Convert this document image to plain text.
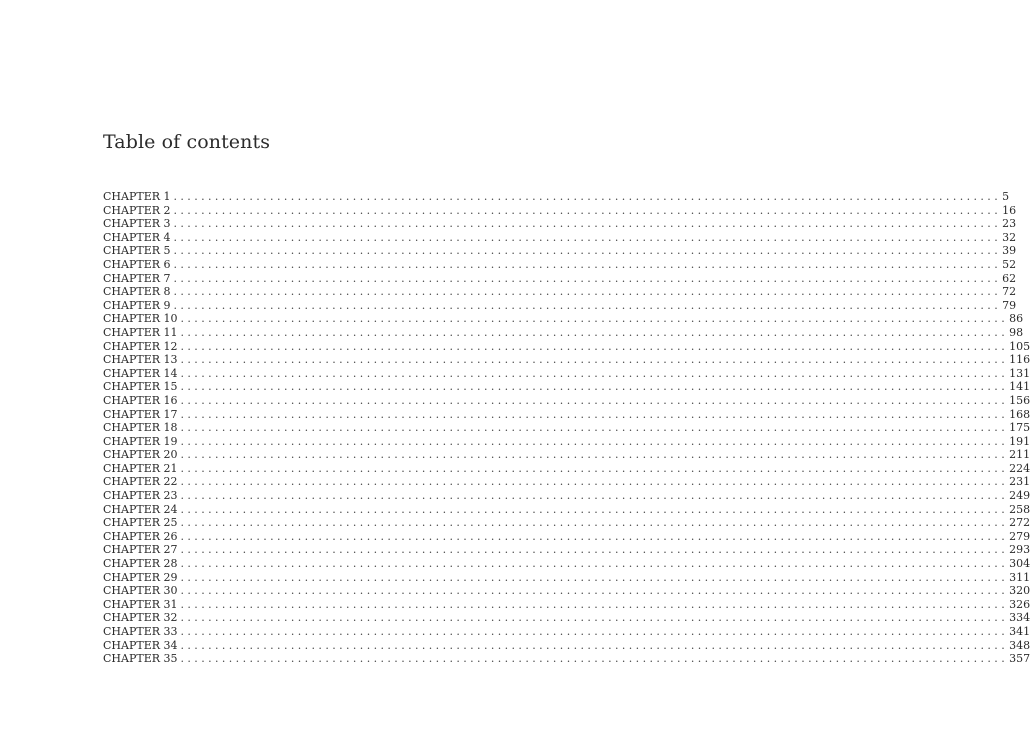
Table of contents
CHAPTER 1 ........................................................................................................................ 5
CHAPTER 2 ........................................................................................................................ 16
CHAPTER 3 ........................................................................................................................ 23
CHAPTER 4 ........................................................................................................................ 32
CHAPTER 5 ........................................................................................................................ 39
CHAPTER 6 ........................................................................................................................ 52
CHAPTER 7 ........................................................................................................................ 62
CHAPTER 8 ........................................................................................................................ 72
CHAPTER 9 ........................................................................................................................ 79
CHAPTER 10 ........................................................................................................................ 86
CHAPTER 11 ........................................................................................................................ 98
CHAPTER 12 ........................................................................................................................ 105
CHAPTER 13 ........................................................................................................................ 116
CHAPTER 14 ........................................................................................................................ 131
CHAPTER 15 ........................................................................................................................ 141
CHAPTER 16 ........................................................................................................................ 156
CHAPTER 17 ........................................................................................................................ 168
CHAPTER 18 ........................................................................................................................ 175
CHAPTER 19 ........................................................................................................................ 191
CHAPTER 20 ........................................................................................................................ 211
CHAPTER 21 ........................................................................................................................ 224
CHAPTER 22 ........................................................................................................................ 231
CHAPTER 23 ........................................................................................................................ 249
CHAPTER 24 ........................................................................................................................ 258
CHAPTER 25 ........................................................................................................................ 272
CHAPTER 26 ........................................................................................................................ 279
CHAPTER 27 ........................................................................................................................ 293
CHAPTER 28 ........................................................................................................................ 304
CHAPTER 29 ........................................................................................................................ 311
CHAPTER 30 ........................................................................................................................ 320
CHAPTER 31 ........................................................................................................................ 326
CHAPTER 32 ........................................................................................................................ 334
CHAPTER 33 ........................................................................................................................ 341
CHAPTER 34 ........................................................................................................................ 348
CHAPTER 35 ........................................................................................................................ 357
